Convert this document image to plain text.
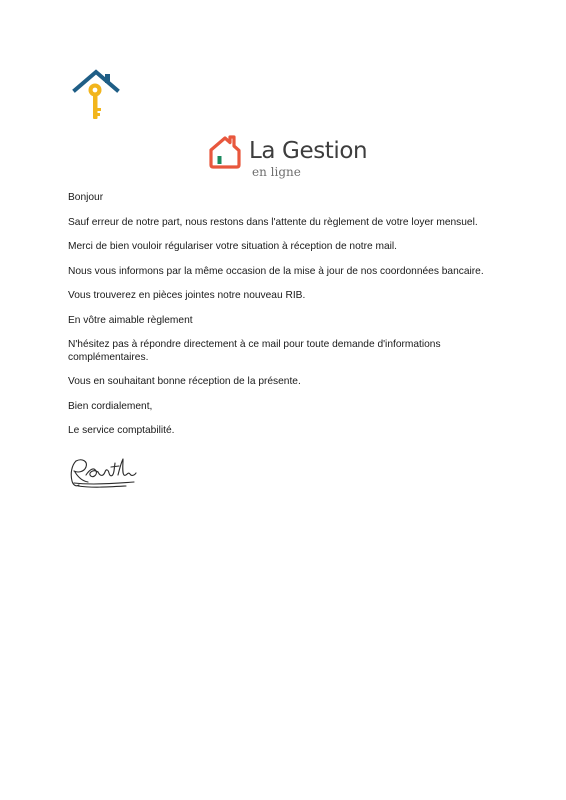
La Gestion
en ligne

Bonjour

Sauf erreur de notre part, nous restons dans l'attente du règlement de votre loyer mensuel.

Merci de bien vouloir régulariser votre situation à réception de notre mail.

Nous vous informons par la même occasion de la mise à jour de nos coordonnées bancaire.

Vous trouverez en pièces jointes notre nouveau RIB.

En vôtre aimable règlement

N'hésitez pas à répondre directement à ce mail pour toute demande d'informations complémentaires.

Vous en souhaitant bonne réception de la présente.

Bien cordialement,

Le service comptabilité.
